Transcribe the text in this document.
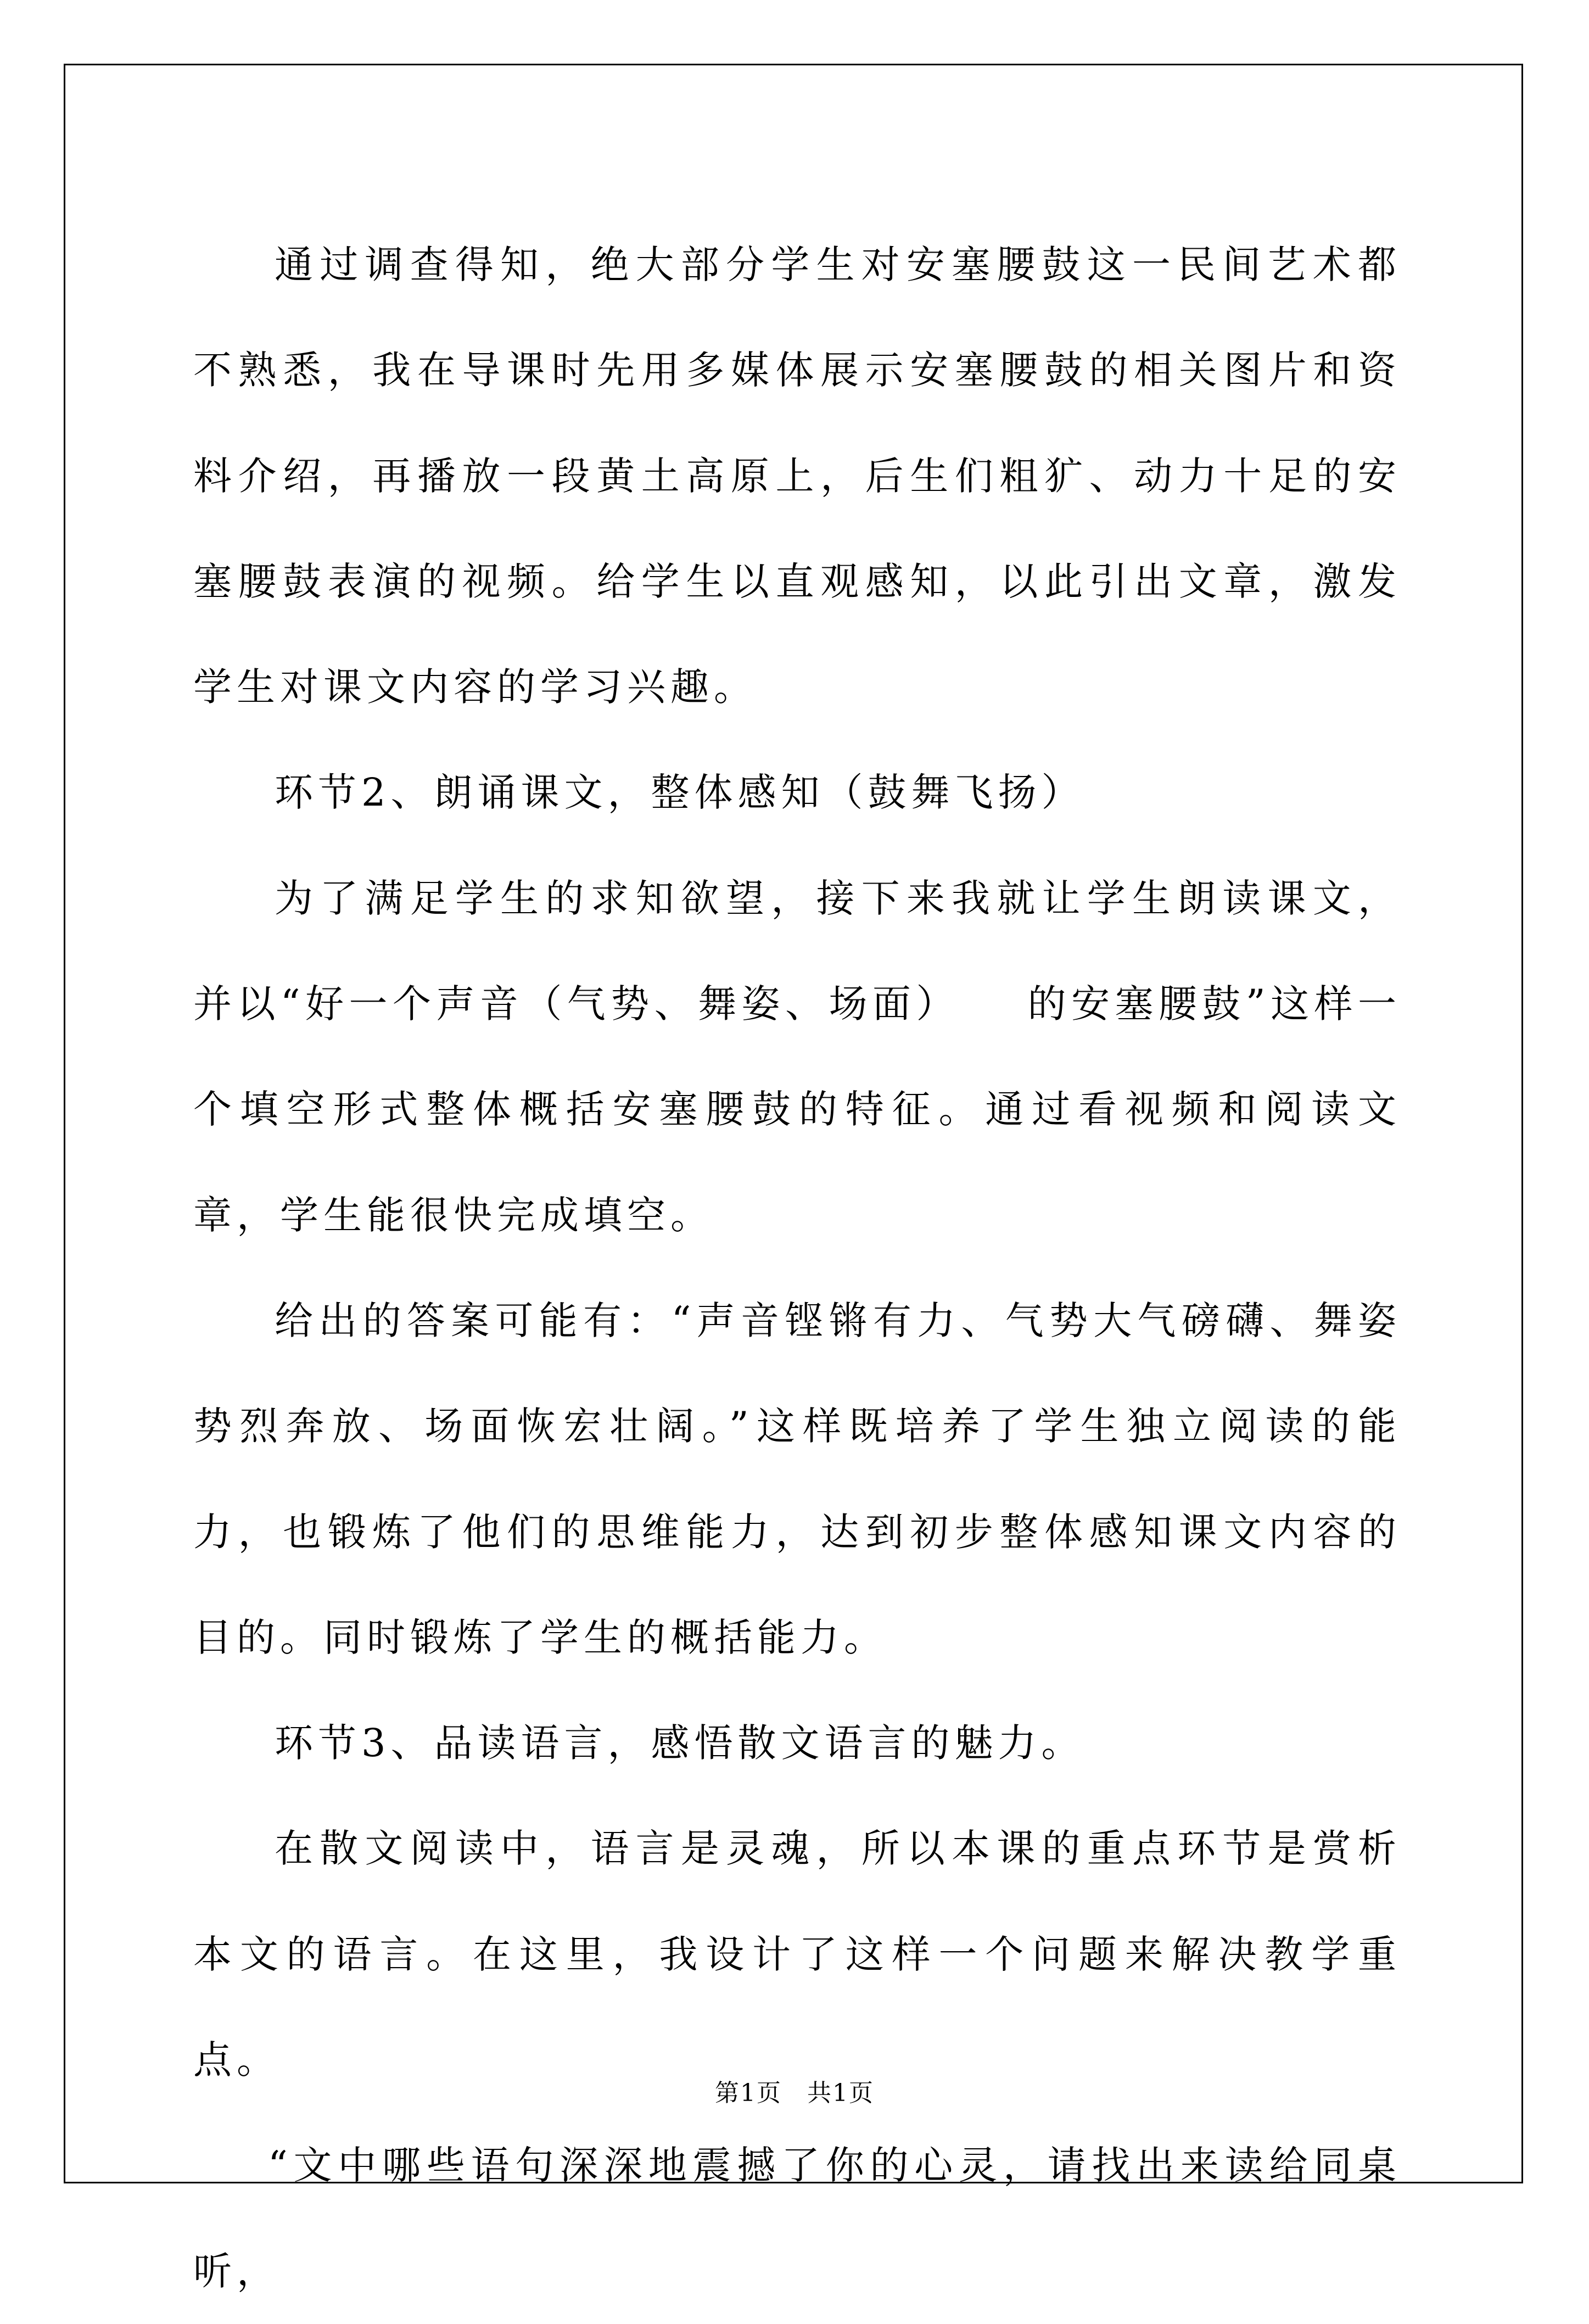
通过调查得知，绝大部分学生对安塞腰鼓这一民间艺术都不熟悉，我在导课时先用多媒体展示安塞腰鼓的相关图片和资料介绍，再播放一段黄土高原上，后生们粗犷、动力十足的安塞腰鼓表演的视频。给学生以直观感知，以此引出文章，激发学生对课文内容的学习兴趣。

环节2、朗诵课文，整体感知（鼓舞飞扬）

为了满足学生的求知欲望，接下来我就让学生朗读课文，并以“好一个声音（气势、舞姿、场面）　　的安塞腰鼓”这样一个填空形式整体概括安塞腰鼓的特征。通过看视频和阅读文章，学生能很快完成填空。

给出的答案可能有：“声音铿锵有力、气势大气磅礴、舞姿势烈奔放、场面恢宏壮阔。”这样既培养了学生独立阅读的能力，也锻炼了他们的思维能力，达到初步整体感知课文内容的目的。同时锻炼了学生的概括能力。

环节3、品读语言，感悟散文语言的魅力。

在散文阅读中，语言是灵魂，所以本课的重点环节是赏析本文的语言。在这里，我设计了这样一个问题来解决教学重点。

“文中哪些语句深深地震撼了你的心灵，请找出来读给同桌听，

第1页　共1页
